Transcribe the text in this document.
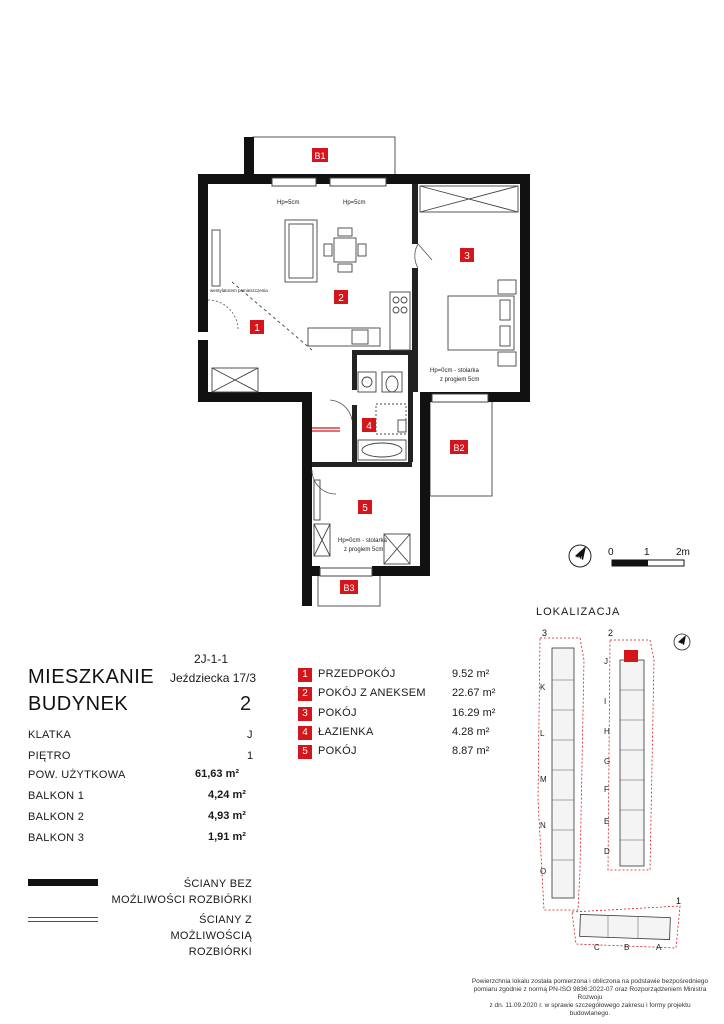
1
2
3
4
5
B1
B2
B3
Hp=5cm	Hp=5cm
wentylatorem pomieszczenia
Hp=0cm - stolarka
z progiem 5cm
Hp=0cm - stolarka
z progiem 5cm
N
0	1	2m
MIESZKANIE
BUDYNEK
2J-1-1
Jeździecka 17/3
2
KLATKA	J
PIĘTRO	1
POW. UŻYTKOWA	61,63 m²
BALKON 1	4,24 m²
BALKON 2	4,93 m²
BALKON 3	1,91 m²
1 PRZEDPOKÓJ	9.52 m²
2 POKÓJ Z ANEKSEM 22.67 m²
3 POKÓJ	16.29 m²
4 ŁAZIENKA	4.28 m²
5 POKÓJ	8.87 m²
ŚCIANY BEZ
MOŻLIWOŚCI ROZBIÓRKI
ŚCIANY Z
MOŻLIWOŚCIĄ ROZBIÓRKI
LOKALIZACJA
3	2
1
K
L
M
N
O
J
I
H
G
F
E
D
C	B	A
N
Powierzchnia lokalu została pomierzona i obliczona na podstawie bezpośredniego
pomiaru zgodnie z normą PN-ISO 9836:2022-07 oraz Rozporządzeniem Ministra Rozwoju
z dn. 11.09.2020 r. w sprawie szczegółowego zakresu i formy projektu budowlanego.
